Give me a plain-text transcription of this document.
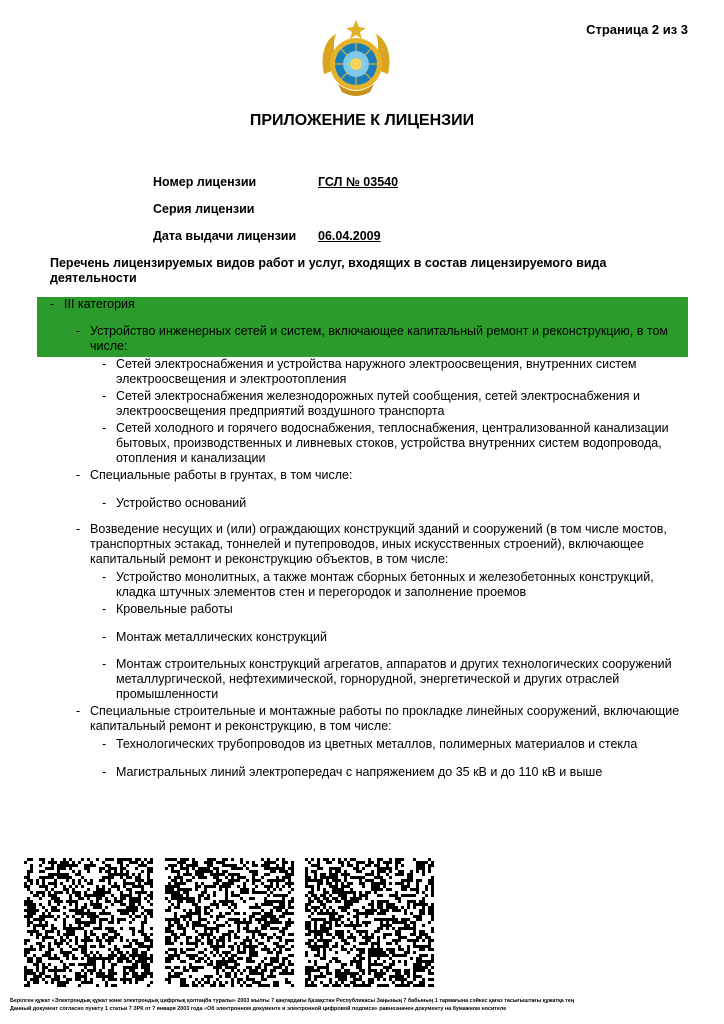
Страница 2 из 3
ПРИЛОЖЕНИЕ К ЛИЦЕНЗИИ
Номер лицензии	ГСЛ № 03540
Серия лицензии
Дата выдачи лицензии 06.04.2009
Перечень лицензируемых видов работ и услуг, входящих в состав лицензируемого вида деятельности
- III категория
- Устройство инженерных сетей и систем, включающее капитальный ремонт и реконструкцию, в том числе:
- Сетей электроснабжения и устройства наружного электроосвещения, внутренних систем электроосвещения и электроотопления
- Сетей электроснабжения железнодорожных путей сообщения, сетей электроснабжения и электроосвещения предприятий воздушного транспорта
- Сетей холодного и горячего водоснабжения, теплоснабжения, централизованной канализации бытовых, производственных и ливневых стоков, устройства внутренних систем водопровода, отопления и канализации
- Специальные работы в грунтах, в том числе:
- Устройство оснований
- Возведение несущих и (или) ограждающих конструкций зданий и сооружений (в том числе мостов, транспортных эстакад, тоннелей и путепроводов, иных искусственных строений), включающее капитальный ремонт и реконструкцию объектов, в том числе:
- Устройство монолитных, а также монтаж сборных бетонных и железобетонных конструкций, кладка штучных элементов стен и перегородок и заполнение проемов
- Кровельные работы
- Монтаж металлических конструкций
- Монтаж строительных конструкций агрегатов, аппаратов и других технологических сооружений металлургической, нефтехимической, горнорудной, энергетической и других отраслей промышленности
- Специальные строительные и монтажные работы по прокладке линейных сооружений, включающие капитальный ремонт и реконструкцию, в том числе:
- Технологических трубопроводов из цветных металлов, полимерных материалов и стекла
- Магистральных линий электропередач с напряжением до 35 кВ и до 110 кВ и выше
Берілген құжат «Электрондық құжат және электрондық цифрлық қолтаңба туралы» 2003 жылғы 7 қаңтардағы Қазақстан Республикасы Заңының 7 бабының 1 тармағына сәйкес қағаз тасығыштағы құжатқа тең
Данный документ согласно пункту 1 статьи 7 ЗРК от 7 января 2003 года «Об электронном документе и электронной цифровой подписи» равнозначен документу на бумажном носителе
